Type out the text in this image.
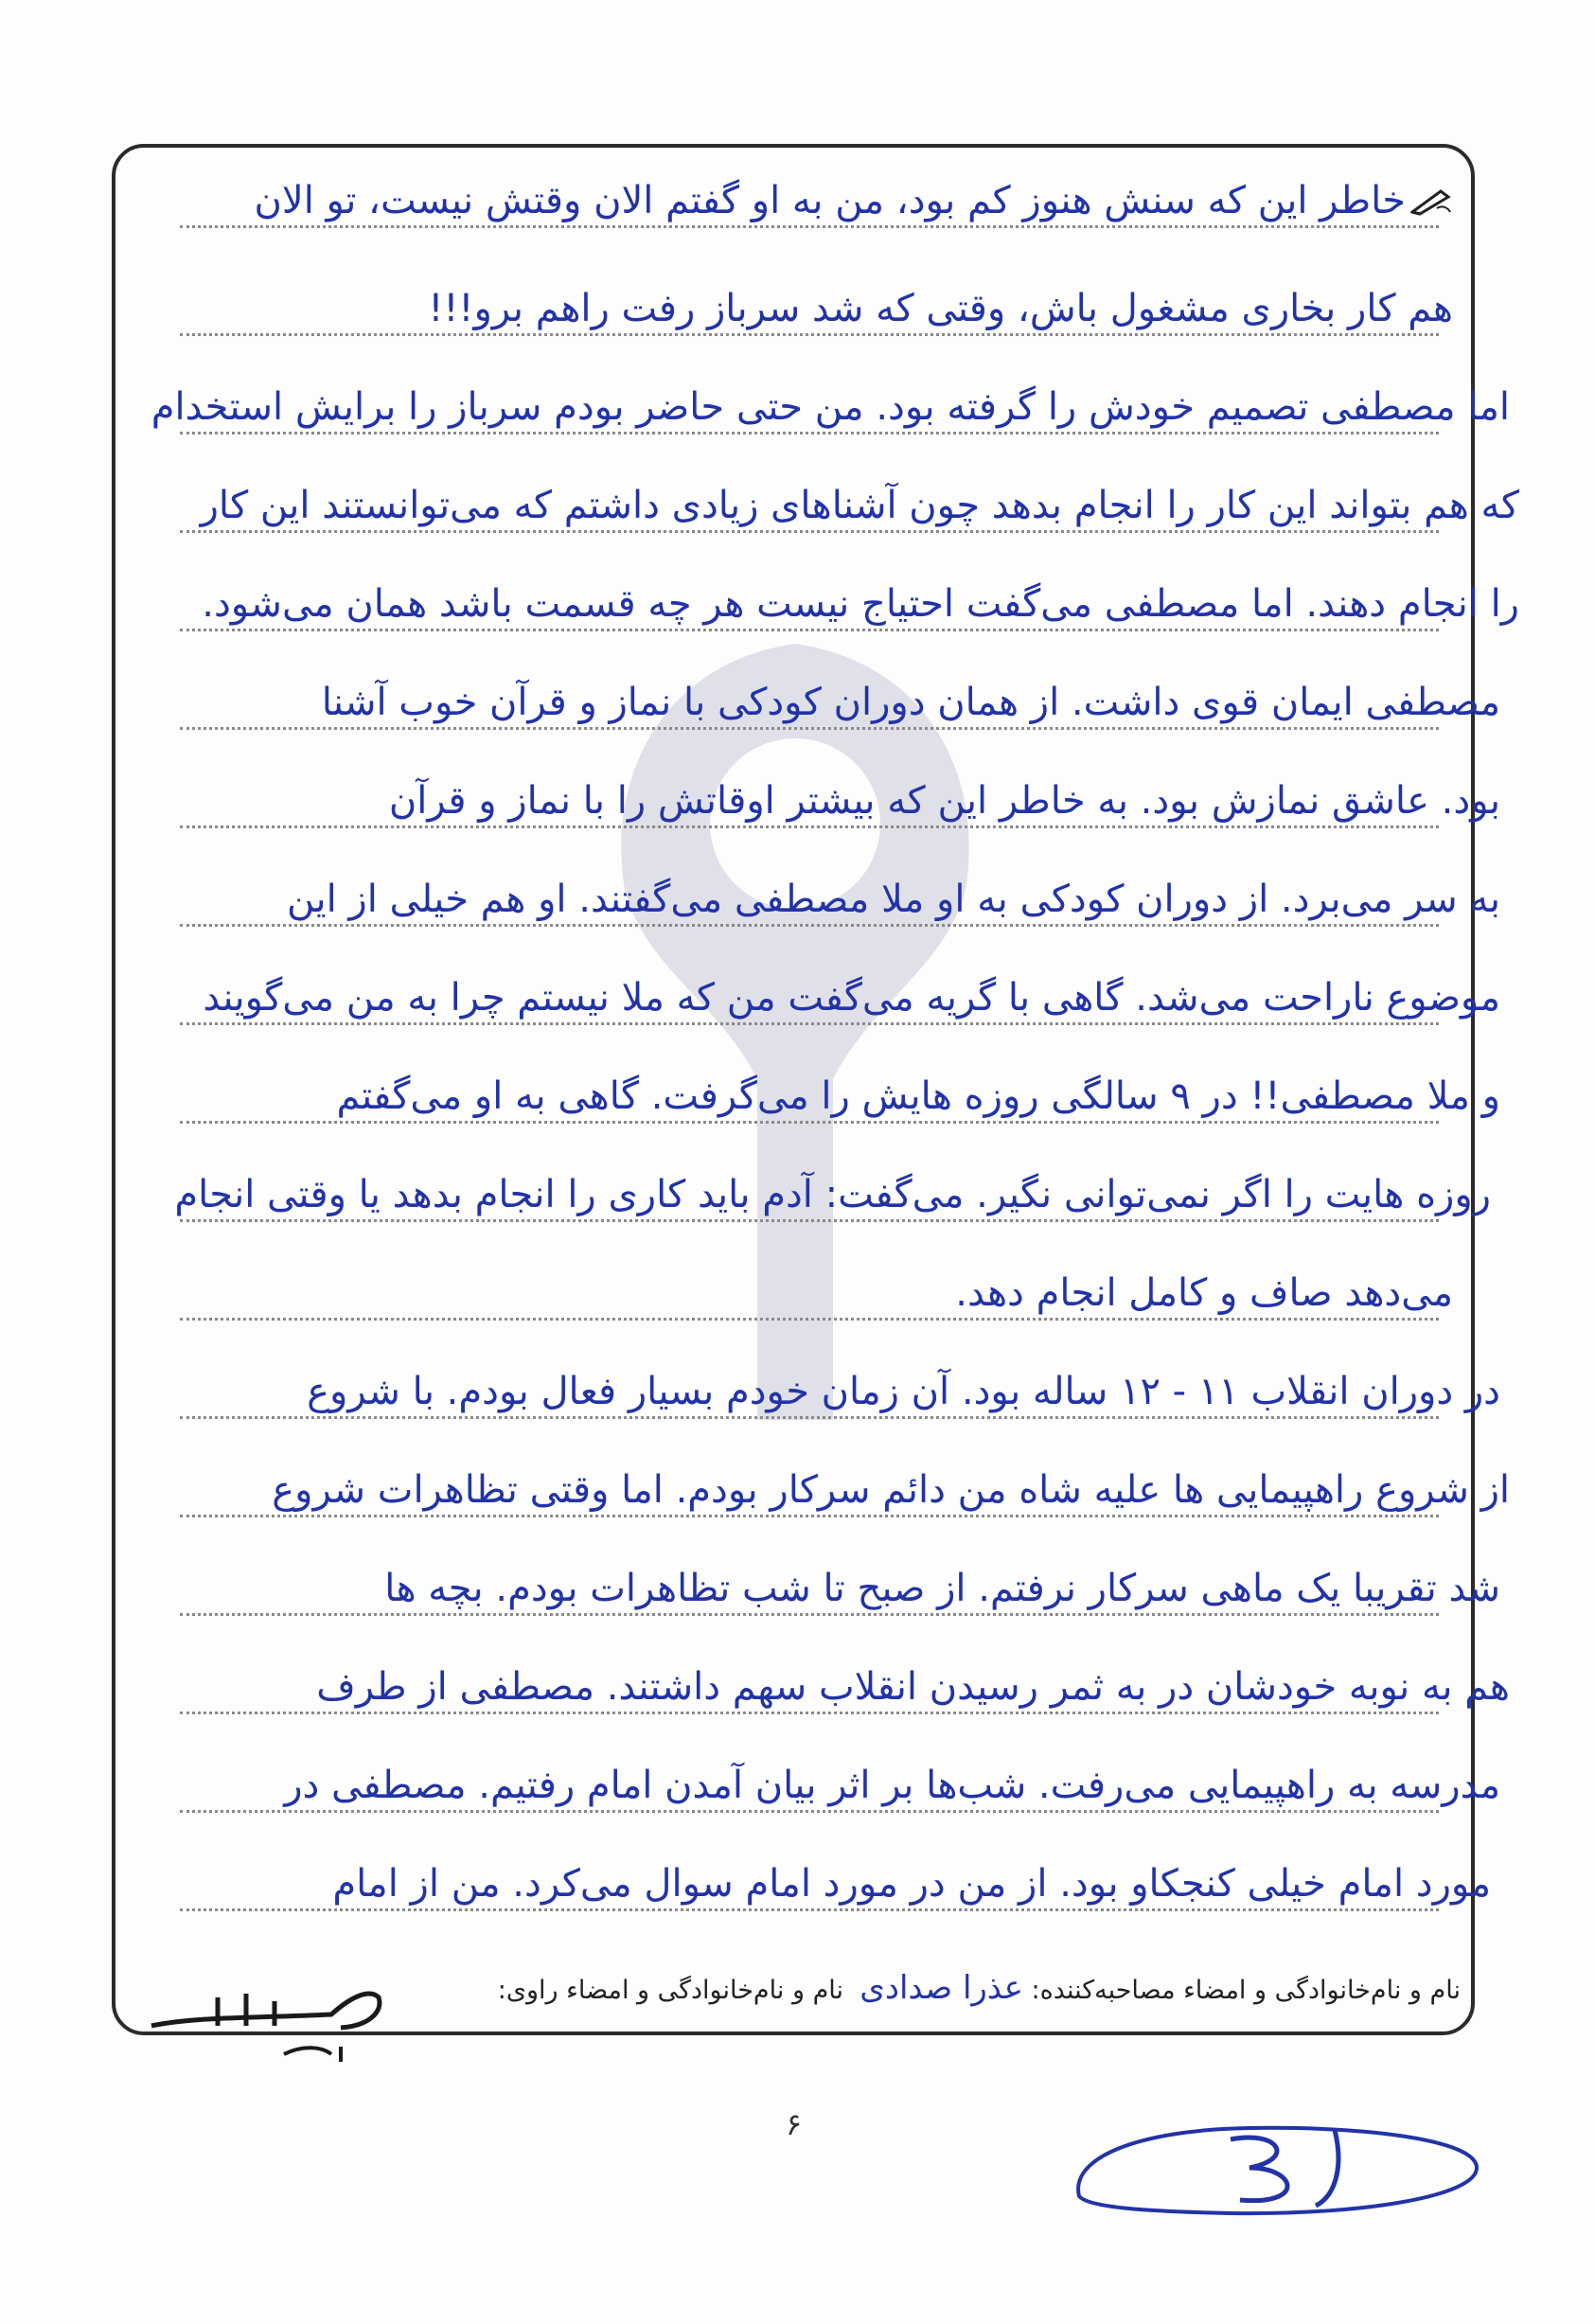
خاطر این که سنش هنوز کم بود، من به او گفتم الان وقتش نیست، تو الان
هم کار بخاری مشغول باش، وقتی که شد سرباز رفت راهم برو!!!
اما مصطفی تصمیم خودش را گرفته بود. من حتی حاضر بودم سرباز را برایش استخدام
که هم بتواند این کار را انجام بدهد چون آشناهای زیادی داشتم که می‌توانستند این کار
را انجام دهند. اما مصطفی می‌گفت احتیاج نیست هر چه قسمت باشد همان می‌شود.
مصطفی ایمان قوی داشت. از همان دوران کودکی با نماز و قرآن خوب آشنا
بود. عاشق نمازش بود. به خاطر این که بیشتر اوقاتش را با نماز و قرآن
به سر می‌برد. از دوران کودکی به او ملا مصطفی می‌گفتند. او هم خیلی از این
موضوع ناراحت می‌شد. گاهی با گریه می‌گفت من که ملا نیستم چرا به من می‌گویند
و ملا مصطفی!! در ۹ سالگی روزه هایش را می‌گرفت. گاهی به او می‌گفتم
روزه هایت را اگر نمی‌توانی نگیر. می‌گفت: آدم باید کاری را انجام بدهد یا وقتی انجام
می‌دهد صاف و کامل انجام دهد.
در دوران انقلاب ۱۱ - ۱۲ ساله بود. آن زمان خودم بسیار فعال بودم. با شروع
از شروع راهپیمایی ها علیه شاه من دائم سرکار بودم. اما وقتی تظاهرات شروع
شد تقریبا یک ماهی سرکار نرفتم. از صبح تا شب تظاهرات بودم. بچه ها
هم به نوبه خودشان در به ثمر رسیدن انقلاب سهم داشتند. مصطفی از طرف
مدرسه به راهپیمایی می‌رفت. شب‌ها بر اثر بیان آمدن امام رفتیم. مصطفی در
مورد امام خیلی کنجکاو بود. از من در مورد امام سوال می‌کرد. من از امام
نام و نام‌خانوادگی و امضاء مصاحبه‌کننده: عذرا صدادی  نام و نام‌خانوادگی و امضاء راوی:
۶
